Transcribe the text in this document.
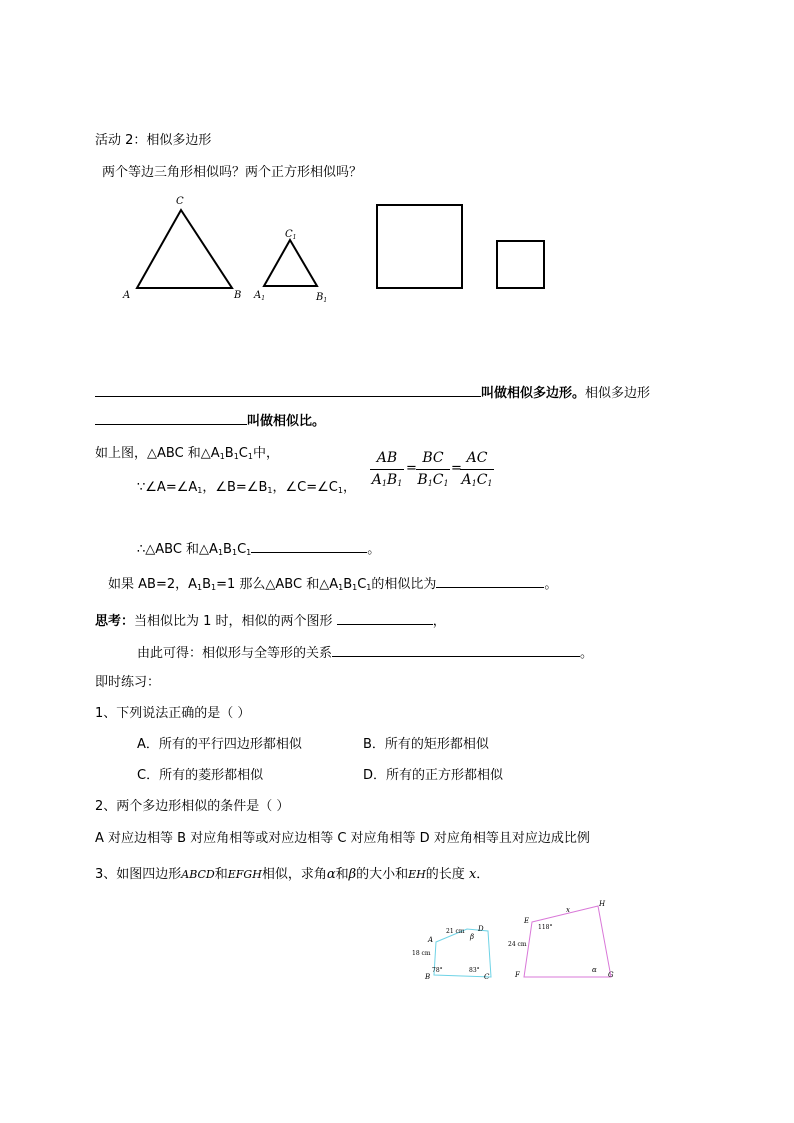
活动 2：相似多边形
两个等边三角形相似吗？两个正方形相似吗？
C
A	B
$C_1$
$A_1$	$B_1$
叫做相似多边形。相似多边形
叫做相似比。
如上图，△ABC 和$\triangle A_1B_1C_1$中，
$\because\angle A=\angle A_1$，$\angle B=\angle B_1$，$\angle C=\angle C_1$，
AB
$A_1B_1$
=
BC
$B_1C_1$
=
AC
$A_1C_1$
∴△ABC 和$\triangle A_1B_1C_1$	。
如果 AB=2，$A_1B_1=1$ 那么△ABC 和$\triangle A_1B_1C_1$的相似比为	。
思考：当相似比为 1 时，相似的两个图形	，
由此可得：相似形与全等形的关系	。
即时练习：
1、下列说法正确的是（ ）
A．所有的平行四边形都相似	B．所有的矩形都相似
C．所有的菱形都相似	D．所有的正方形都相似
2、两个多边形相似的条件是（ ）
A 对应边相等 B 对应角相等或对应边相等 C 对应角相等 D 对应角相等且对应边成比例
3、如图四边形ABCD和EFGH相似，求角α和β的大小和EH的长度 x．
A
B	C
D
21 cm
18 cm
78°	83°
β
E
F	G
H
x
24 cm
118°
α
